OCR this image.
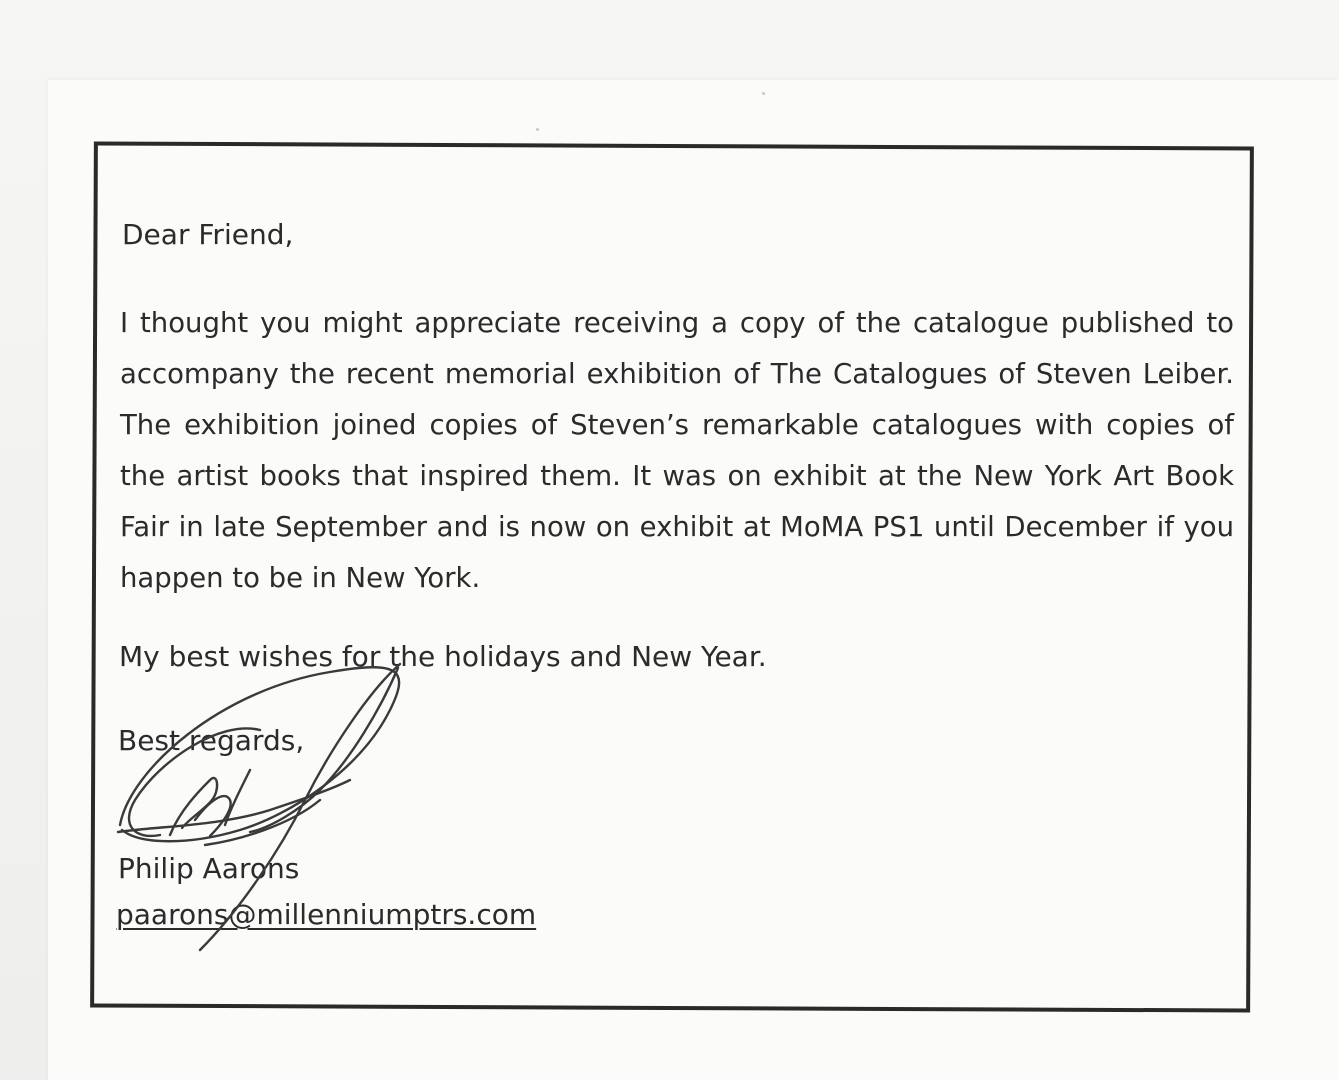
Dear Friend,

I thought you might appreciate receiving a copy of the catalogue published to accompany the recent memorial exhibition of The Catalogues of Steven Leiber. The exhibition joined copies of Steven’s remarkable catalogues with copies of the artist books that inspired them. It was on exhibit at the New York Art Book Fair in late September and is now on exhibit at MoMA PS1 until December if you happen to be in New York.

My best wishes for the holidays and New Year.

Best regards,

Philip Aarons

paarons@millenniumptrs.com
